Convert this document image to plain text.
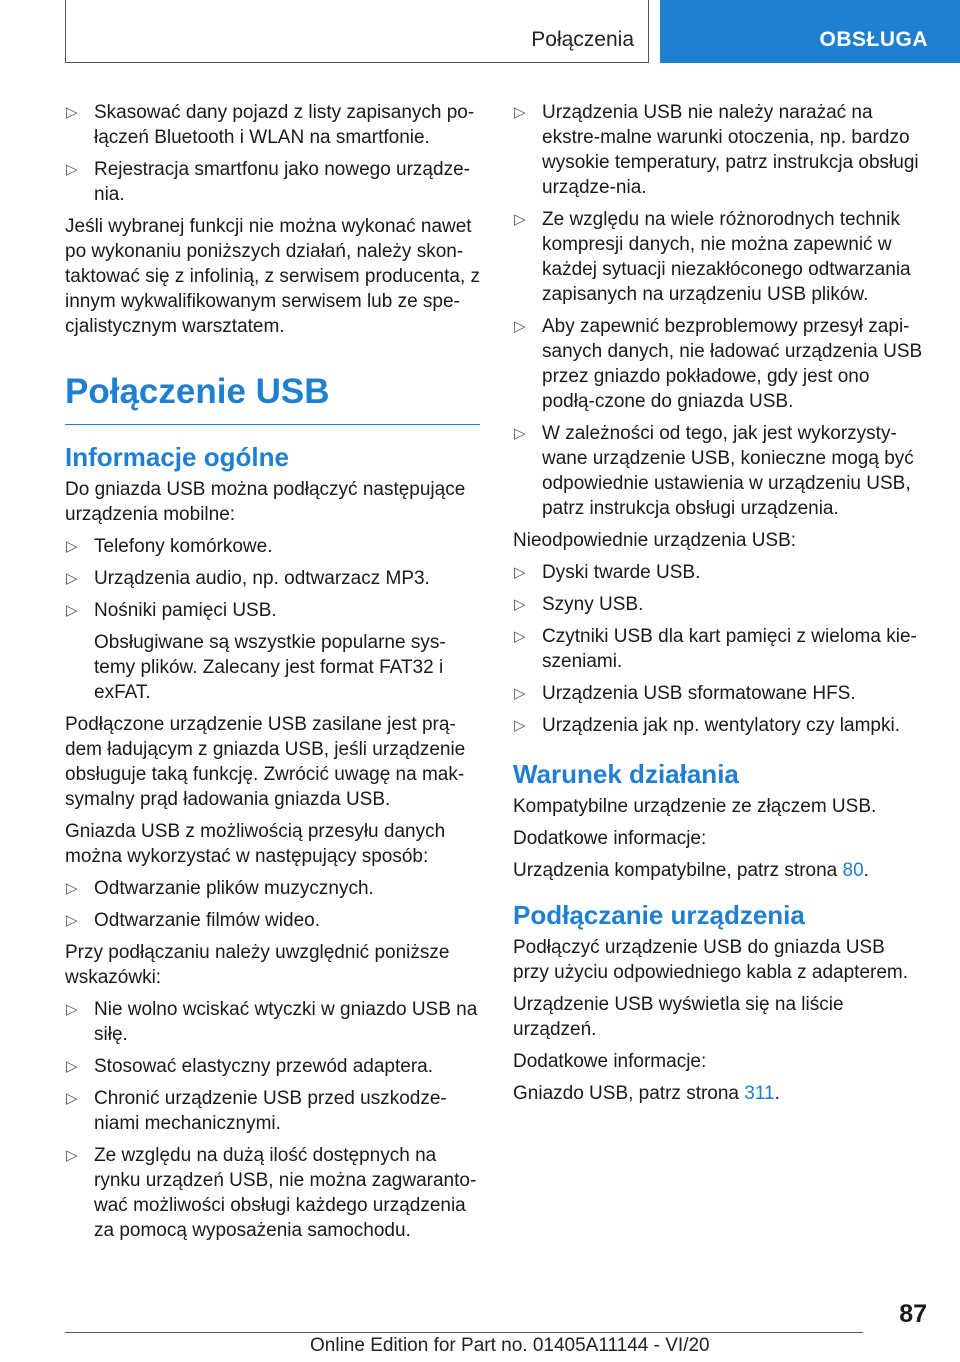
Połączenia	OBSŁUGA
▷ Skasować dany pojazd z listy zapisanych po-łączeń Bluetooth i WLAN na smartfonie.
▷ Rejestracja smartfonu jako nowego urządze-nia.

Jeśli wybranej funkcji nie można wykonać nawet po wykonaniu poniższych działań, należy skon-taktować się z infolinią, z serwisem producenta, z innym wykwalifikowanym serwisem lub ze spe-cjalistycznym warsztatem.

Połączenie USB
Informacje ogólne

Do gniazda USB można podłączyć następujące urządzenia mobilne:

▷ Telefony komórkowe.
▷ Urządzenia audio, np. odtwarzacz MP3.
▷ Nośniki pamięci USB.

Obsługiwane są wszystkie popularne sys-temy plików. Zalecany jest format FAT32 i exFAT.

Podłączone urządzenie USB zasilane jest prą-dem ładującym z gniazda USB, jeśli urządzenie obsługuje taką funkcję. Zwrócić uwagę na mak-symalny prąd ładowania gniazda USB.

Gniazda USB z możliwością przesyłu danych można wykorzystać w następujący sposób:

▷ Odtwarzanie plików muzycznych.
▷ Odtwarzanie filmów wideo.

Przy podłączaniu należy uwzględnić poniższe wskazówki:

▷ Nie wolno wciskać wtyczki w gniazdo USB na siłę.
▷ Stosować elastyczny przewód adaptera.
▷ Chronić urządzenie USB przed uszkodze-niami mechanicznymi.
▷ Ze względu na dużą ilość dostępnych na rynku urządzeń USB, nie można zagwaranto-wać możliwości obsługi każdego urządzenia za pomocą wyposażenia samochodu.
▷ Urządzenia USB nie należy narażać na ekstre-malne warunki otoczenia, np. bardzo wysokie temperatury, patrz instrukcja obsługi urządze-nia.
▷ Ze względu na wiele różnorodnych technik kompresji danych, nie można zapewnić w każdej sytuacji niezakłóconego odtwarzania zapisanych na urządzeniu USB plików.
▷ Aby zapewnić bezproblemowy przesył zapi-sanych danych, nie ładować urządzenia USB przez gniazdo pokładowe, gdy jest ono podłą-czone do gniazda USB.
▷ W zależności od tego, jak jest wykorzysty-wane urządzenie USB, konieczne mogą być odpowiednie ustawienia w urządzeniu USB, patrz instrukcja obsługi urządzenia.

Nieodpowiednie urządzenia USB:

▷ Dyski twarde USB.
▷ Szyny USB.
▷ Czytniki USB dla kart pamięci z wieloma kie-szeniami.
▷ Urządzenia USB sformatowane HFS.
▷ Urządzenia jak np. wentylatory czy lampki.
Warunek działania

Kompatybilne urządzenie ze złączem USB.

Dodatkowe informacje:

Urządzenia kompatybilne, patrz strona 80.

Podłączanie urządzenia

Podłączyć urządzenie USB do gniazda USB przy użyciu odpowiedniego kabla z adapterem.

Urządzenie USB wyświetla się na liście urządzeń.

Dodatkowe informacje:

Gniazdo USB, patrz strona 311.

87
Online Edition for Part no. 01405A11144 - VI/20
